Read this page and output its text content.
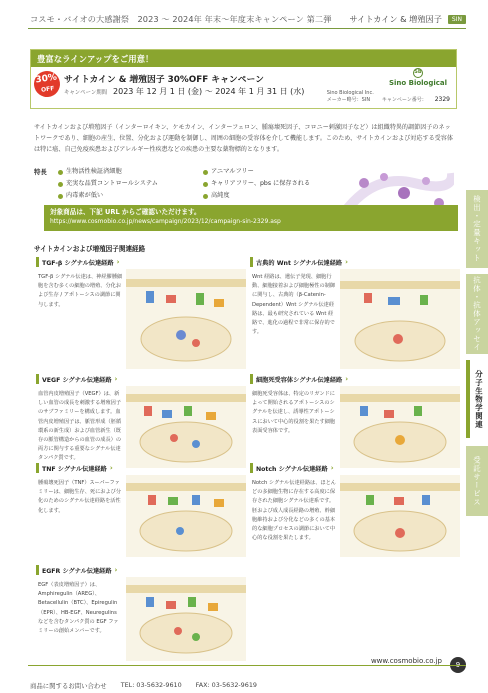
コスモ・バイオの大感謝祭　2023 ～ 2024年 年末～年度末キャンペーン 第二弾 サイトカイン & 増殖因子	SIN
豊富なラインアップをご用意！
30%
OFF
サイトカイン & 増殖因子 30%OFF キャンペーン
キャンペーン期間 2023 年 12 月 1 日 (金) ～ 2024 年 1 月 31 日 (水)
SB
Sino Biological
Sino Biological Inc.
メーカー略号：SIN	キャンペーン番号： 2329
サイトカインおよび増殖因子（インターロイキン、ケモカイン、インターフェロン、腫瘍壊死因子、コロニー刺激因子など）は組織特異的調節因子のネットワークであり、細胞の産生、位置、分化および運動を制御し、周囲の細胞の受容体を介して機能します。このため、サイトカインおよび対応する受容体は特に癌、自己免疫疾患およびアレルギー性疾患などの疾患の主要な薬物標的となります。
特長	生物活性検証済細胞	アニマルフリー
充実な品質コントロールシステム	キャリアフリー、pbs に保存される
内毒素が低い	高純度
対象商品は、下記 URL からご確認いただけます。
https://www.cosmobio.co.jp/news/campaign/2023/12/campaign-sin-2329.asp
サイトカインおよび増殖因子関連経路
TGF-β シグナル伝達経路 ›
TGF-β シグナル伝達は、神経膠腫細胞を含む多くの細胞の増殖、分化および生存 / アポトーシスの調節に関与します。
古典的 Wnt シグナル伝達経路 ›
Wnt 経路は、遺伝子発現、細胞行動、細胞接着および細胞極性の制御に関与し、古典的（β-Catenin-Dependent）Wnt シグナル伝達経路は、最も研究されている Wnt 経路で、進化の過程で非常に保存的です。
VEGF シグナル伝達経路 ›
血管内皮増殖因子（VEGF）は、新しい血管の成長を刺激する増殖因子のサブファミリーを構成します。血管内皮増殖因子は、脈管形成（胚循環系の新生成）および血管新生（既存の脈管構造からの血管の成長）の両方に関与する重要なシグナル伝達タンパク質です。
細胞死受容体シグナル伝達経路 ›
細胞死受容体は、特定のリガンドによって開始されるアポトーシスのシグナルを伝達し、誘導性アポトーシスにおいて中心的役割を果たす細胞表面受容体です。
TNF シグナル伝達経路 ›
腫瘍壊死因子（TNF）スーパーファミリーは、細胞生存、死におよび分化のためのシグナル伝達経路を活性化します。
Notch シグナル伝達経路 ›
Notch シグナル伝達経路は、ほとんどの多細胞生物に存在する高度に保存された細胞シグナル伝達系です。胚および成人成長経路の増殖、幹細胞維持および分化などの多くの基本的な細胞プロセスの調節において中心的な役割を果たします。
EGFR シグナル伝達経路 ›
EGF（表皮増殖因子）は、Amphiregulin（AREG）、Betacellulin（BTC）、Epiregulin（EPR）、HB-EGF、Neuregulins などを含むタンパク質の EGF ファミリーの創始メンバーです。
検出・定量キット
抗体・抗体アッセイ
分子生物学関連
受託サービス
www.cosmobio.co.jp
商品に関するお問い合わせ TEL: 03-5632-9610 FAX: 03-5632-9619
